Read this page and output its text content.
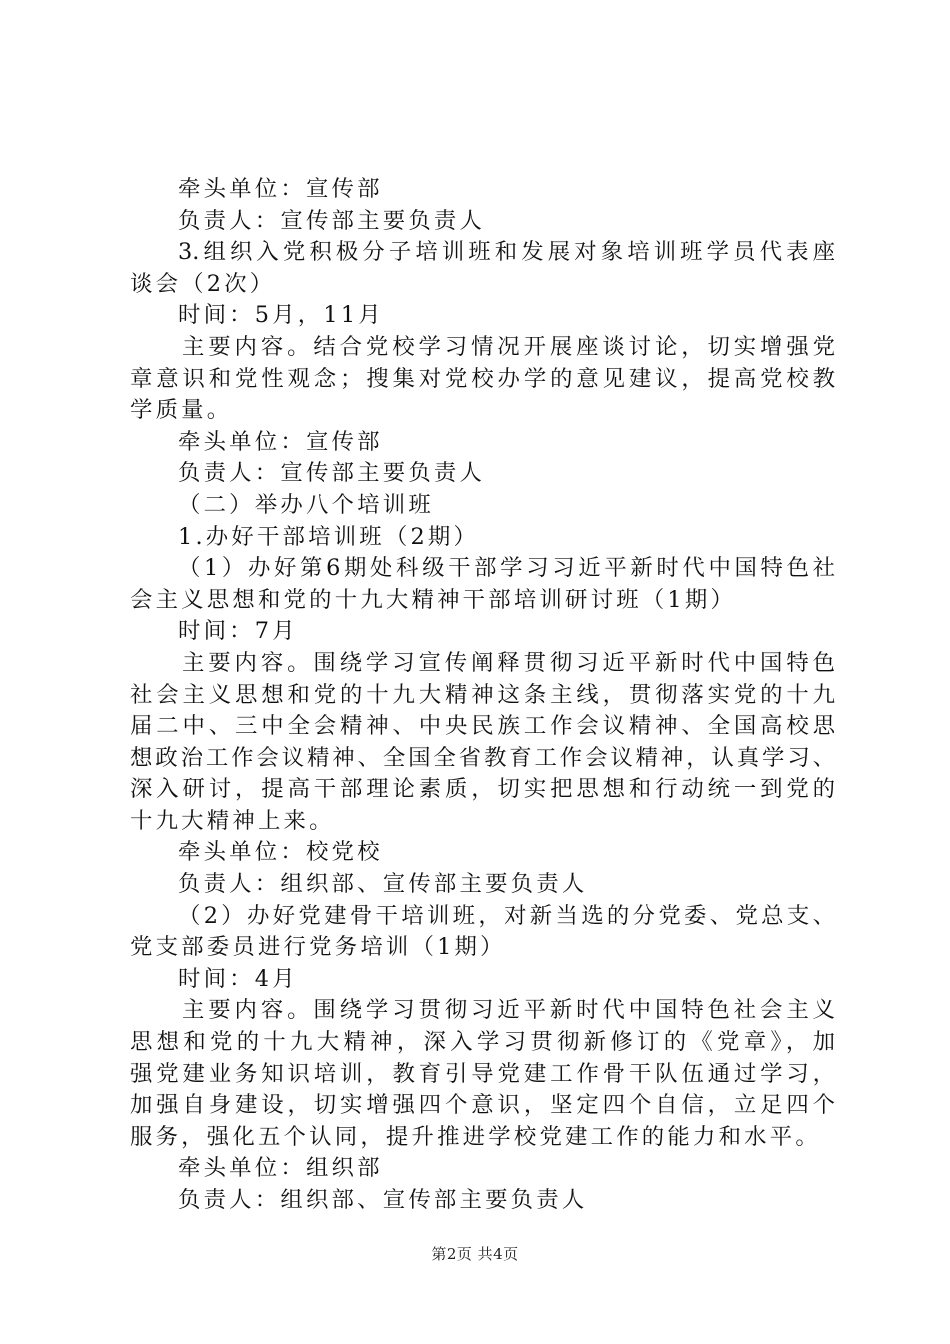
牵头单位：宣传部
负责人：宣传部主要负责人
3.组织入党积极分子培训班和发展对象培训班学员代表座
谈会（2次）
时间：5月，11月
主要内容。结合党校学习情况开展座谈讨论，切实增强党
章意识和党性观念；搜集对党校办学的意见建议，提高党校教
学质量。
牵头单位：宣传部
负责人：宣传部主要负责人
（二）举办八个培训班
1.办好干部培训班（2期）
（1）办好第6期处科级干部学习习近平新时代中国特色社
会主义思想和党的十九大精神干部培训研讨班（1期）
时间：7月
主要内容。围绕学习宣传阐释贯彻习近平新时代中国特色
社会主义思想和党的十九大精神这条主线，贯彻落实党的十九
届二中、三中全会精神、中央民族工作会议精神、全国高校思
想政治工作会议精神、全国全省教育工作会议精神，认真学习、
深入研讨，提高干部理论素质，切实把思想和行动统一到党的
十九大精神上来。
牵头单位：校党校
负责人：组织部、宣传部主要负责人
（2）办好党建骨干培训班，对新当选的分党委、党总支、
党支部委员进行党务培训（1期）
时间：4月
主要内容。围绕学习贯彻习近平新时代中国特色社会主义
思想和党的十九大精神，深入学习贯彻新修订的《党章》，加
强党建业务知识培训，教育引导党建工作骨干队伍通过学习，
加强自身建设，切实增强四个意识，坚定四个自信，立足四个
服务，强化五个认同，提升推进学校党建工作的能力和水平。
牵头单位：组织部
负责人：组织部、宣传部主要负责人
第2页 共4页
